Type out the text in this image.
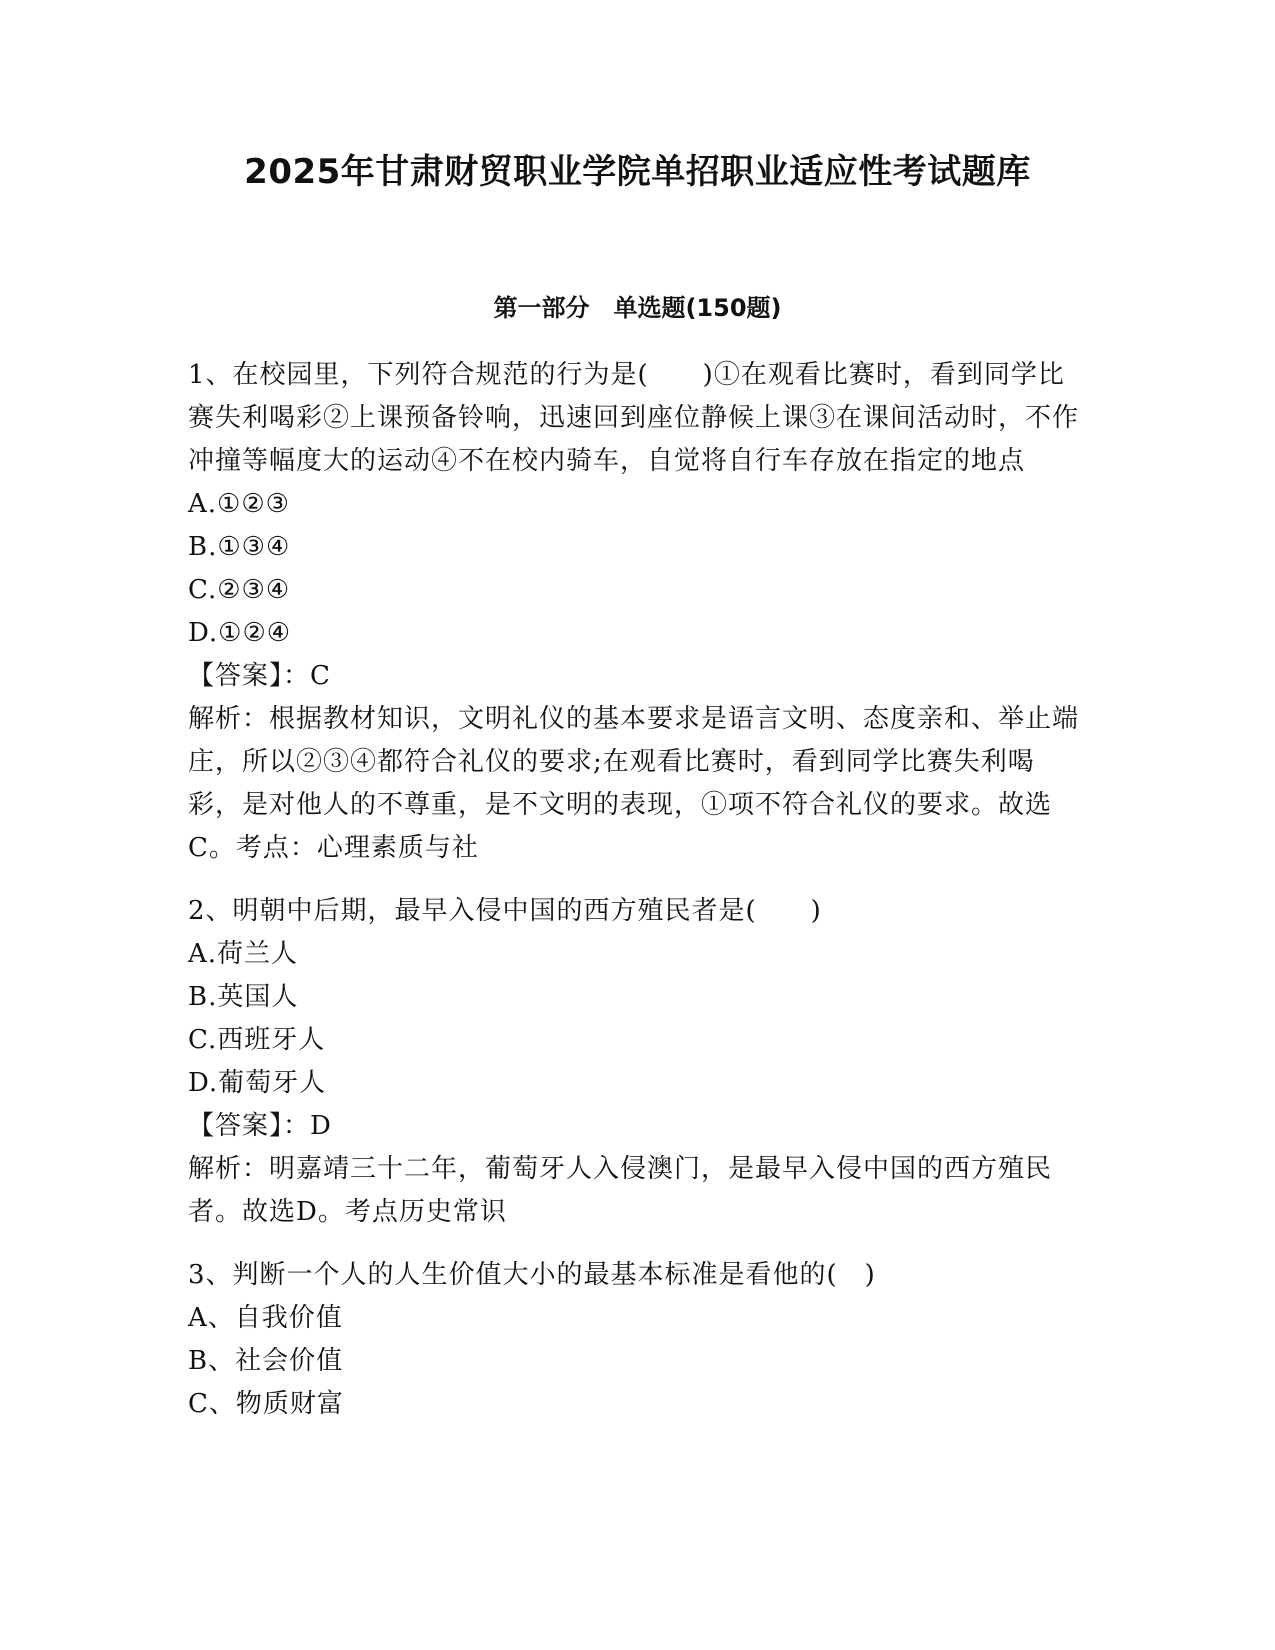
2025年甘肃财贸职业学院单招职业适应性考试题库
第一部分　单选题(150题)
1、在校园里，下列符合规范的行为是(　　)①在观看比赛时，看到同学比赛失利喝彩②上课预备铃响，迅速回到座位静候上课③在课间活动时，不作冲撞等幅度大的运动④不在校内骑车，自觉将自行车存放在指定的地点
A.①②③
B.①③④
C.②③④
D.①②④
【答案】：C
解析：根据教材知识，文明礼仪的基本要求是语言文明、态度亲和、举止端庄，所以②③④都符合礼仪的要求;在观看比赛时，看到同学比赛失利喝彩，是对他人的不尊重，是不文明的表现，①项不符合礼仪的要求。故选C。考点：心理素质与社
2、明朝中后期，最早入侵中国的西方殖民者是(　　)
A.荷兰人
B.英国人
C.西班牙人
D.葡萄牙人
【答案】：D
解析：明嘉靖三十二年，葡萄牙人入侵澳门，是最早入侵中国的西方殖民者。故选D。考点历史常识
3、判断一个人的人生价值大小的最基本标准是看他的(　)
A、自我价值
B、社会价值
C、物质财富
